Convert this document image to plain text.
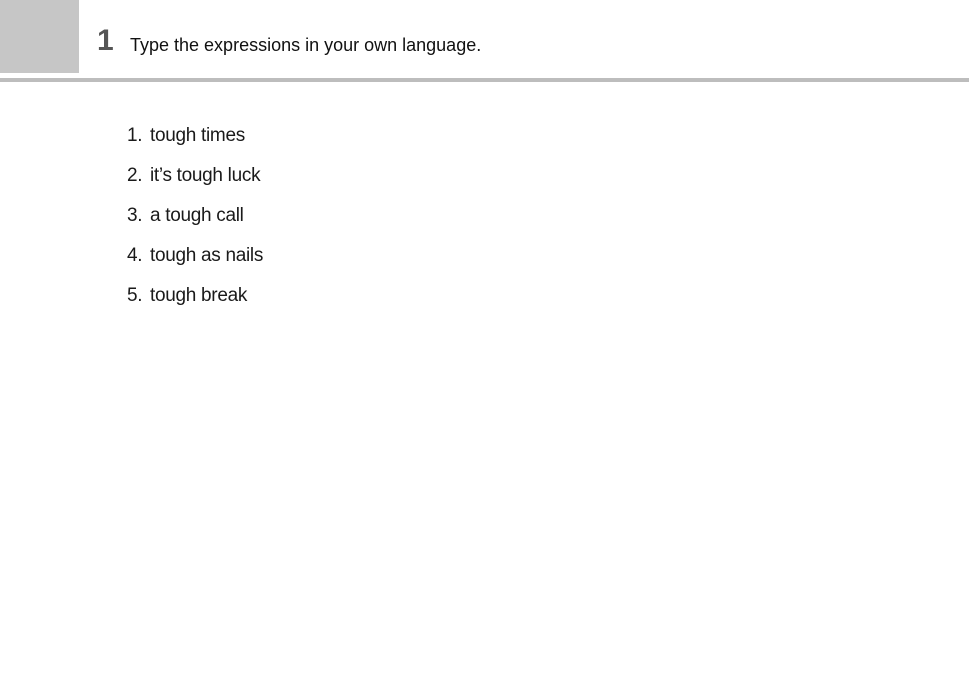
1 Type the expressions in your own language.
1. tough times
2. it’s tough luck
3. a tough call
4. tough as nails
5. tough break
